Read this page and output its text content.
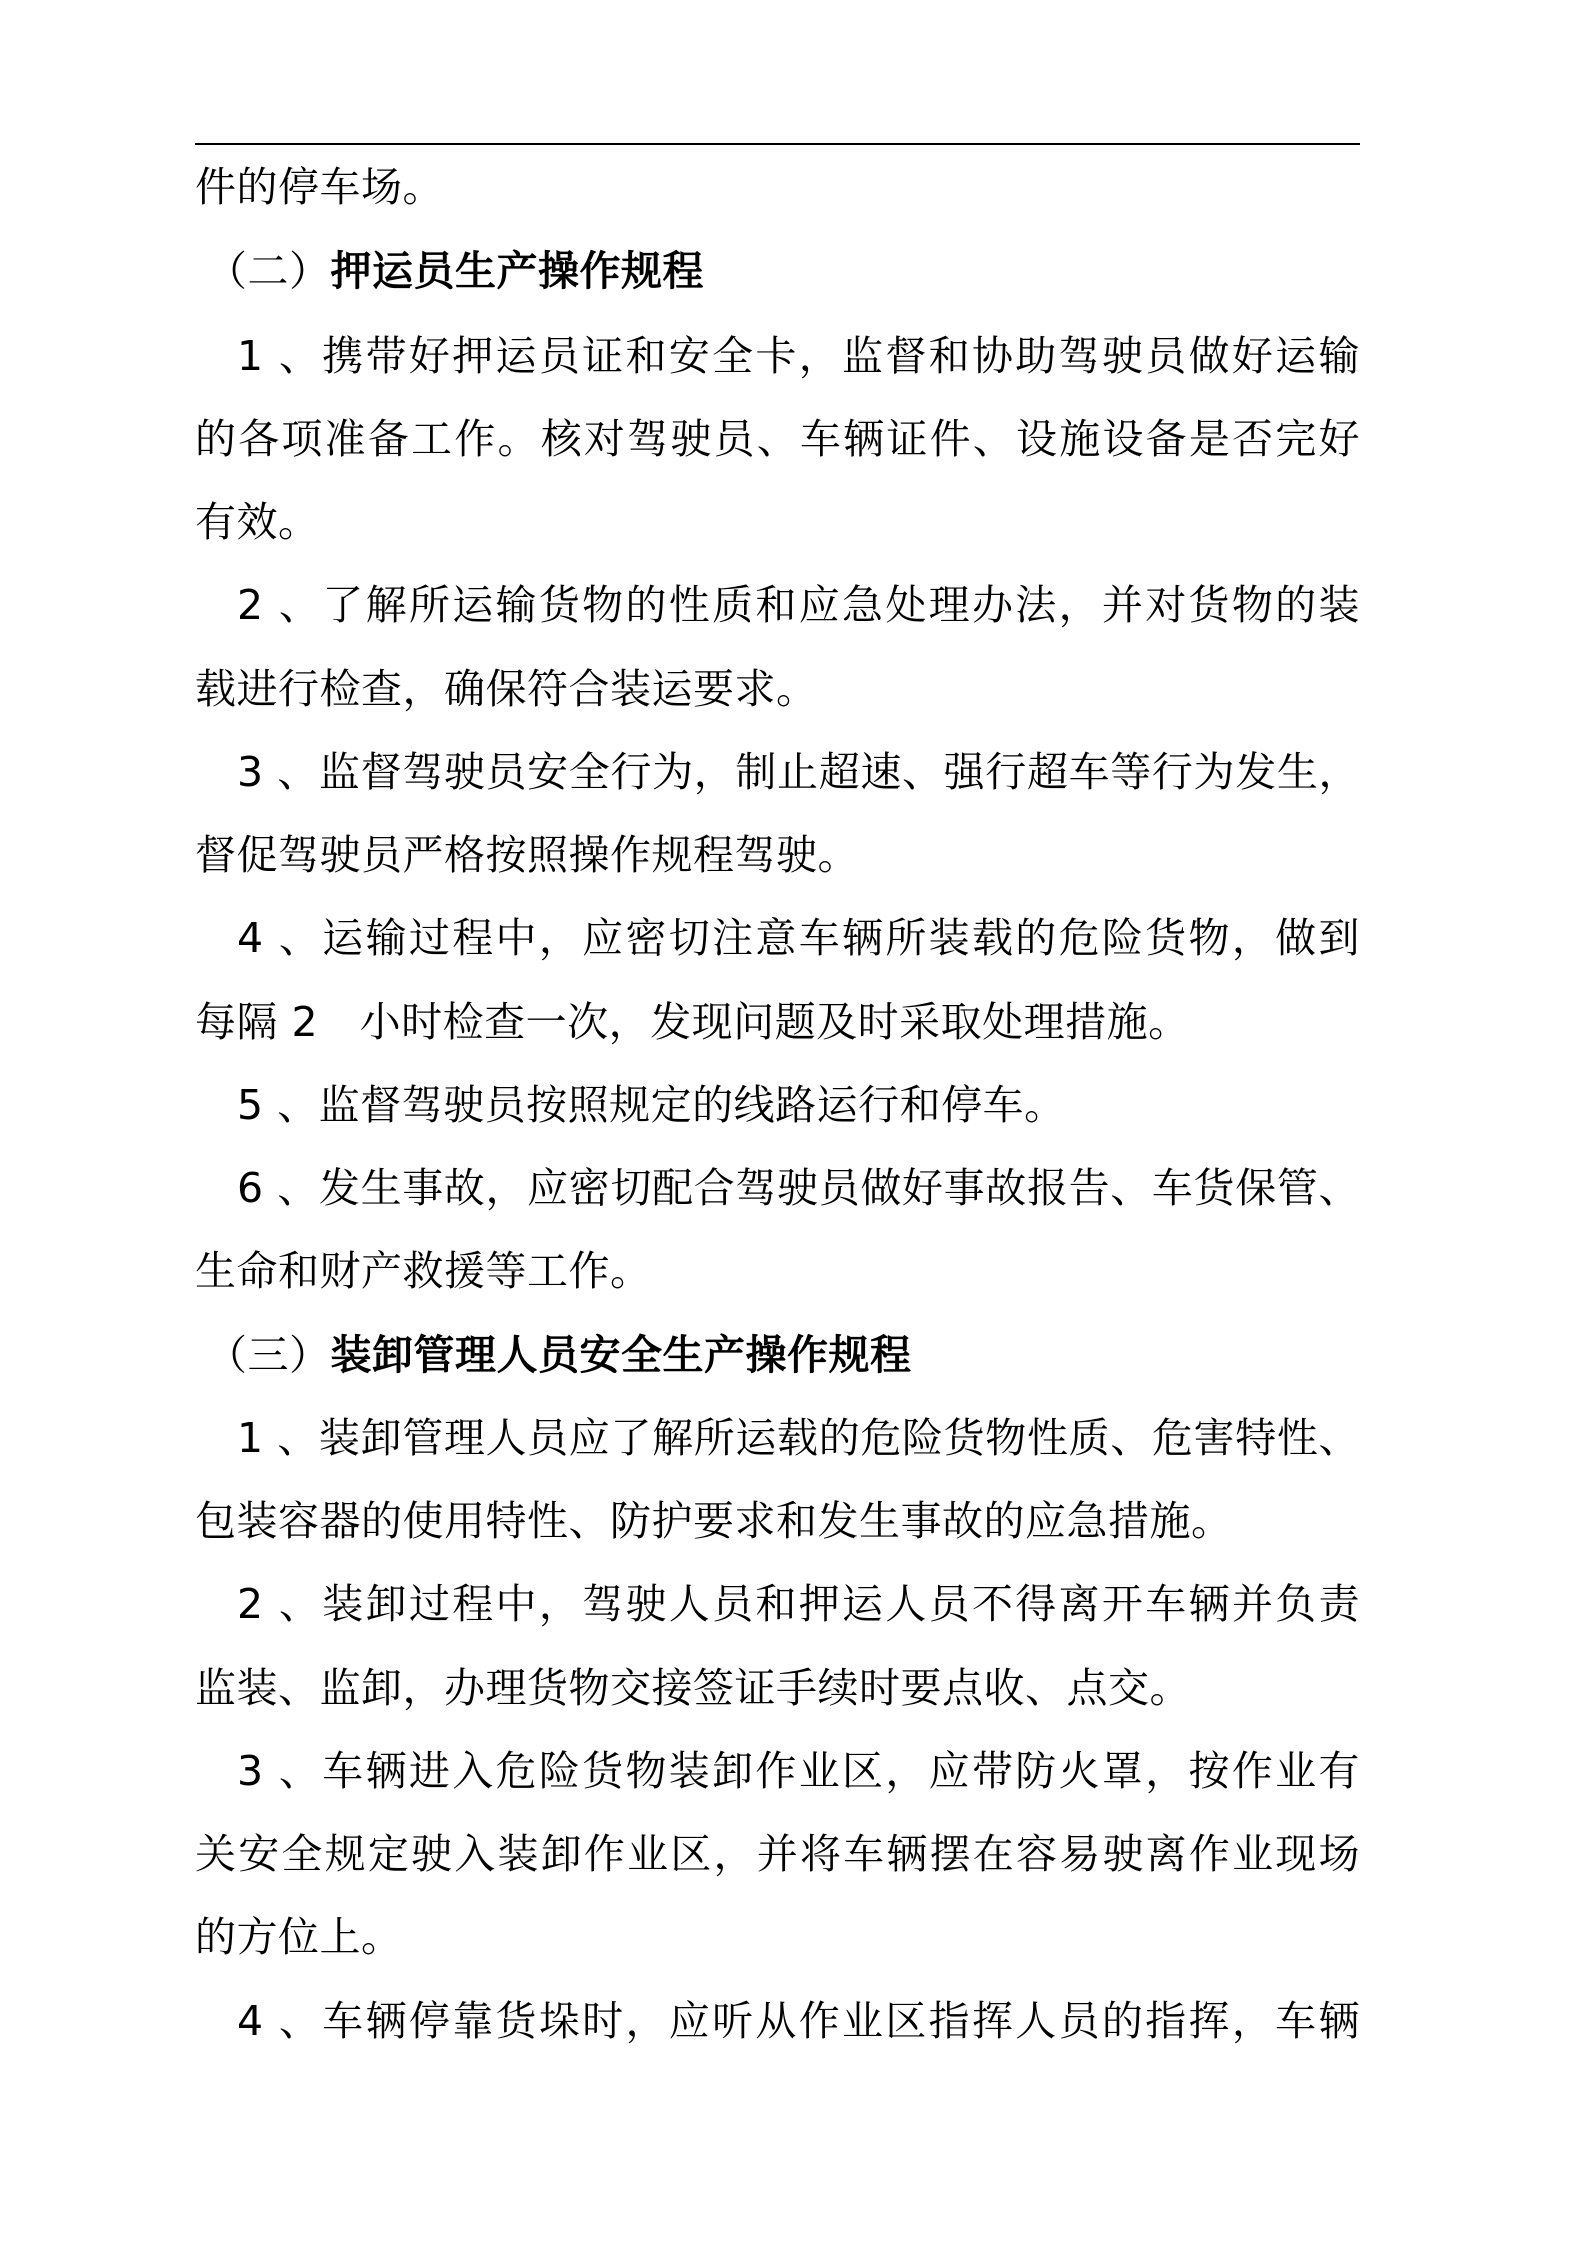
件的停车场。
（二）押运员生产操作规程
1 、携带好押运员证和安全卡，监督和协助驾驶员做好运输
的各项准备工作。核对驾驶员、车辆证件、设施设备是否完好
有效。
2 、了解所运输货物的性质和应急处理办法，并对货物的装
载进行检查，确保符合装运要求。
3 、监督驾驶员安全行为，制止超速、强行超车等行为发生，
督促驾驶员严格按照操作规程驾驶。
4 、运输过程中，应密切注意车辆所装载的危险货物，做到
每隔 2　小时检查一次，发现问题及时采取处理措施。
5 、监督驾驶员按照规定的线路运行和停车。
6 、发生事故，应密切配合驾驶员做好事故报告、车货保管、
生命和财产救援等工作。
（三）装卸管理人员安全生产操作规程
1 、装卸管理人员应了解所运载的危险货物性质、危害特性、
包装容器的使用特性、防护要求和发生事故的应急措施。
2 、装卸过程中，驾驶人员和押运人员不得离开车辆并负责
监装、监卸，办理货物交接签证手续时要点收、点交。
3 、车辆进入危险货物装卸作业区，应带防火罩，按作业有
关安全规定驶入装卸作业区，并将车辆摆在容易驶离作业现场
的方位上。
4 、车辆停靠货垛时，应听从作业区指挥人员的指挥，车辆
